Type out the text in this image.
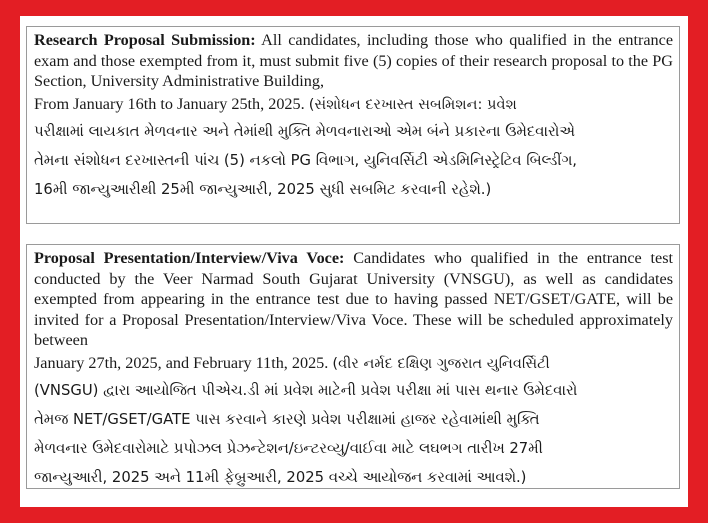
Research Proposal Submission: All candidates, including those who qualified in the entrance exam and those exempted from it, must submit five (5) copies of their research proposal to the PG Section, University Administrative Building,

From January 16th to January 25th, 2025. (સંશોધન દરખાસ્ત સબમિશન: પ્રવેશ

પરીક્ષામાં લાયકાત મેળવનાર અને તેમાંથી મુક્તિ મેળવનારાઓ એમ બંને પ્રકારના ઉમેદવારોએ

તેમના સંશોધન દરખાસ્તની પાંચ (5) નકલો PG વિભાગ, યુનિવર્સિટી એડમિનિસ્ટ્રેટિવ બિલ્ડીંગ,

16મી જાન્યુઆરીથી 25મી જાન્યુઆરી, 2025 સુધી સબમિટ કરવાની રહેશે.)

Proposal Presentation/Interview/Viva Voce: Candidates who qualified in the entrance test conducted by the Veer Narmad South Gujarat University (VNSGU), as well as candidates exempted from appearing in the entrance test due to having passed NET/GSET/GATE, will be invited for a Proposal Presentation/Interview/Viva Voce. These will be scheduled approximately between

January 27th, 2025, and February 11th, 2025. (વીર નર્મદ દક્ષિણ ગુજરાત યુનિવર્સિટી

(VNSGU) દ્વારા આયોજિત પીએચ.ડી માં પ્રવેશ માટેની પ્રવેશ પરીક્ષા માં પાસ થનાર ઉમેદવારો

તેમજ NET/GSET/GATE પાસ કરવાને કારણે પ્રવેશ પરીક્ષામાં હાજર રહેવામાંથી મુક્તિ

મેળવનાર ઉમેદવારોમાટે પ્રપોઝલ પ્રેઝન્ટેશન/ઇન્ટરવ્યુ/વાઈવા માટે લઘભગ તારીખ 27મી

જાન્યુઆરી, 2025 અને 11મી ફેબ્રુઆરી, 2025 વચ્ચે આયોજન કરવામાં આવશે.)
